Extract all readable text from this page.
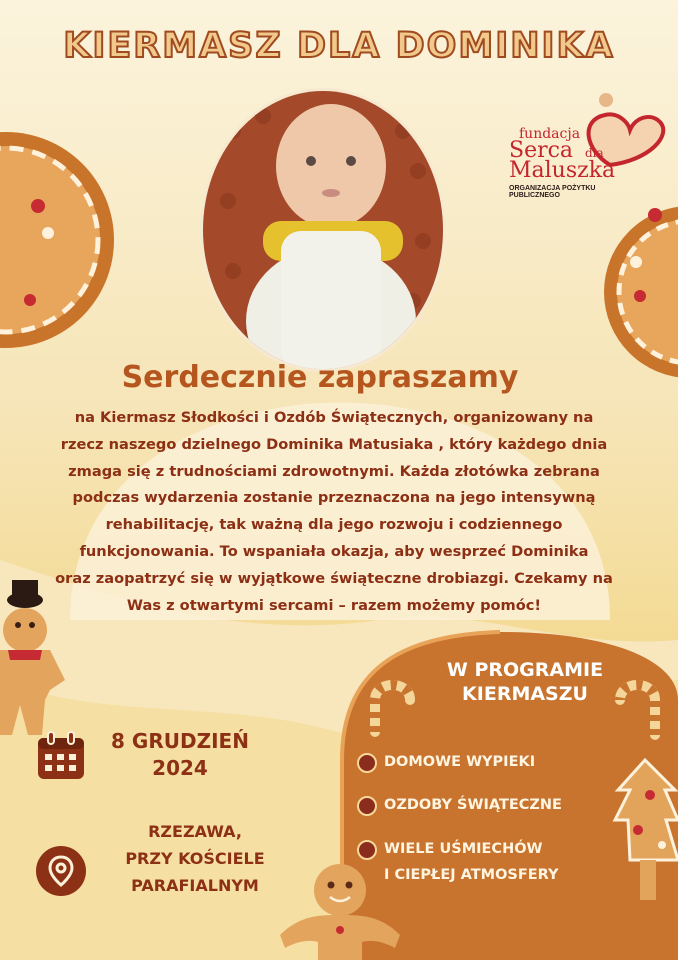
KIERMASZ DLA DOMINIKA
fundacja
Serca dla
Maluszka
ORGANIZACJA POŻYTKU PUBLICZNEGO
Serdecznie zapraszamy
na Kiermasz Słodkości i Ozdób Świątecznych, organizowany na
rzecz naszego dzielnego Dominika Matusiaka , który każdego dnia
zmaga się z trudnościami zdrowotnymi. Każda złotówka zebrana
podczas wydarzenia zostanie przeznaczona na jego intensywną
rehabilitację, tak ważną dla jego rozwoju i codziennego
funkcjonowania. To wspaniała okazja, aby wesprzeć Dominika
oraz zaopatrzyć się w wyjątkowe świąteczne drobiazgi. Czekamy na
Was z otwartymi sercami – razem możemy pomóc!
W PROGRAMIE
KIERMASZU
DOMOWE WYPIEKI
OZDOBY ŚWIĄTECZNE
WIELE UŚMIECHÓW
I CIEPŁEJ ATMOSFERY
8 GRUDZIEŃ
2024
RZEZAWA,
PRZY KOŚCIELE
PARAFIALNYM
